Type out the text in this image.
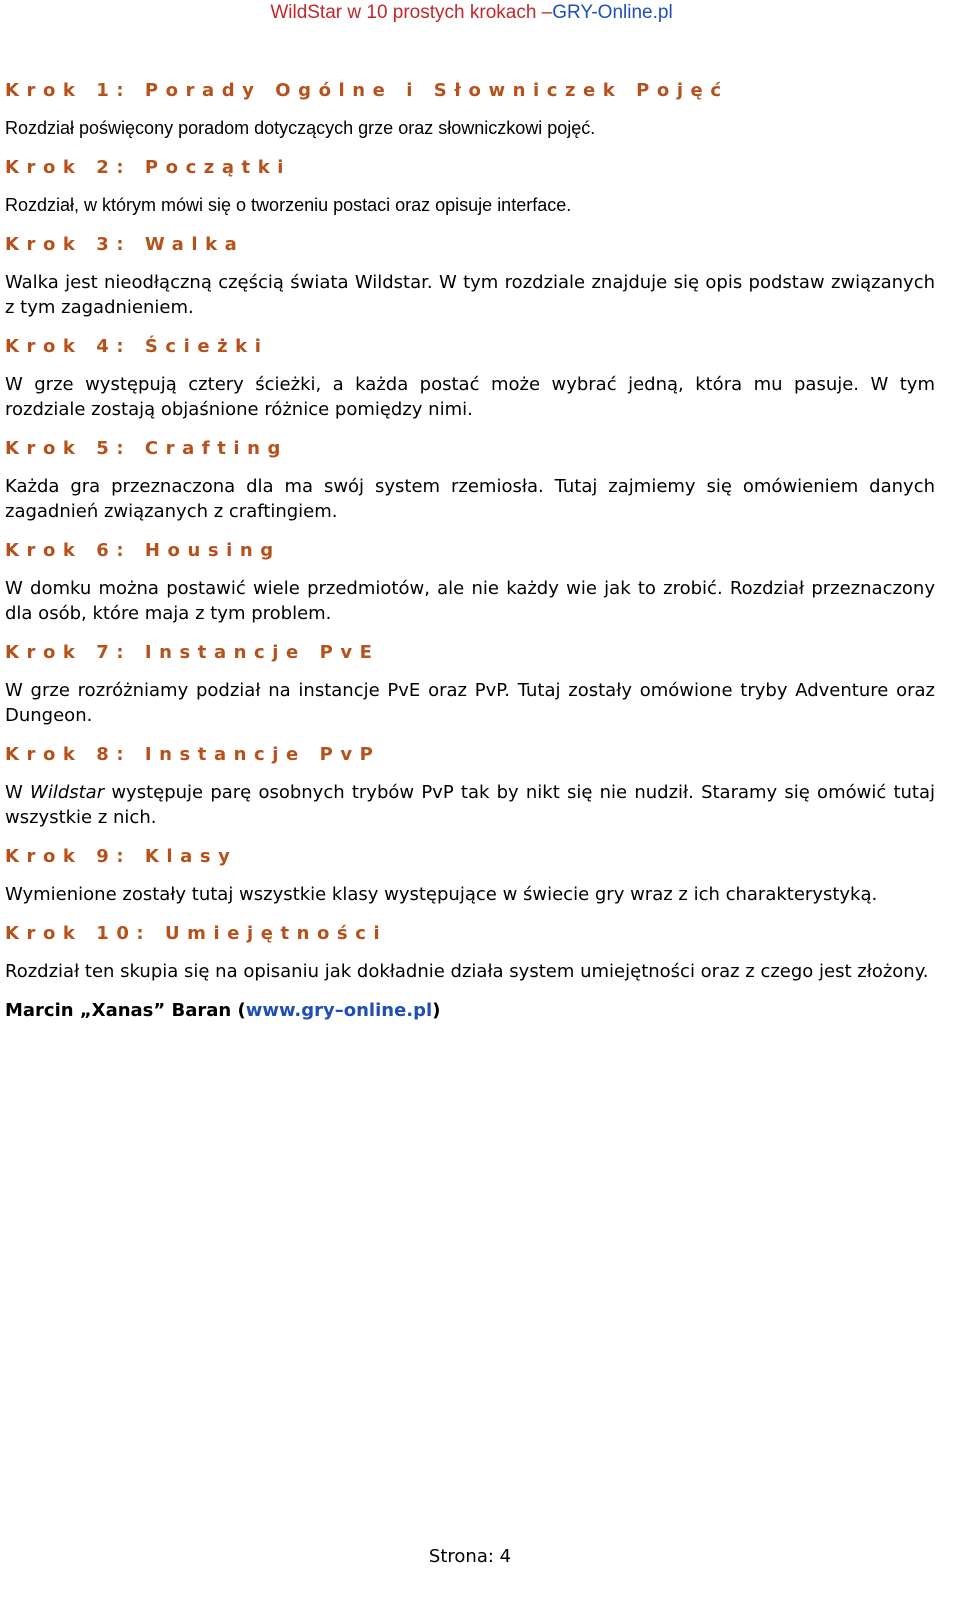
WildStar w 10 prostych krokach –GRY-Online.pl

Krok 1: Porady Ogólne i Słowniczek Pojęć

Rozdział poświęcony poradom dotyczących grze oraz słowniczkowi pojęć.

Krok 2: Początki

Rozdział, w którym mówi się o tworzeniu postaci oraz opisuje interface.

Krok 3: Walka

Walka jest nieodłączną częścią świata Wildstar. W tym rozdziale znajduje się opis podstaw związanych z tym zagadnieniem.

Krok 4: Ścieżki

W grze występują cztery ścieżki, a każda postać może wybrać jedną, która mu pasuje. W tym rozdziale zostają objaśnione różnice pomiędzy nimi.

Krok 5: Crafting

Każda gra przeznaczona dla ma swój system rzemiosła. Tutaj zajmiemy się omówieniem danych zagadnień związanych z craftingiem.

Krok 6: Housing

W domku można postawić wiele przedmiotów, ale nie każdy wie jak to zrobić. Rozdział przeznaczony dla osób, które maja z tym problem.

Krok 7: Instancje PvE

W grze rozróżniamy podział na instancje PvE oraz PvP. Tutaj zostały omówione tryby Adventure oraz Dungeon.

Krok 8: Instancje PvP

W Wildstar występuje parę osobnych trybów PvP tak by nikt się nie nudził. Staramy się omówić tutaj wszystkie z nich.

Krok 9: Klasy

Wymienione zostały tutaj wszystkie klasy występujące w świecie gry wraz z ich charakterystyką.

Krok 10: Umiejętności

Rozdział ten skupia się na opisaniu jak dokładnie działa system umiejętności oraz z czego jest złożony.

Marcin „Xanas” Baran (www.gry–online.pl)
Strona: 4
